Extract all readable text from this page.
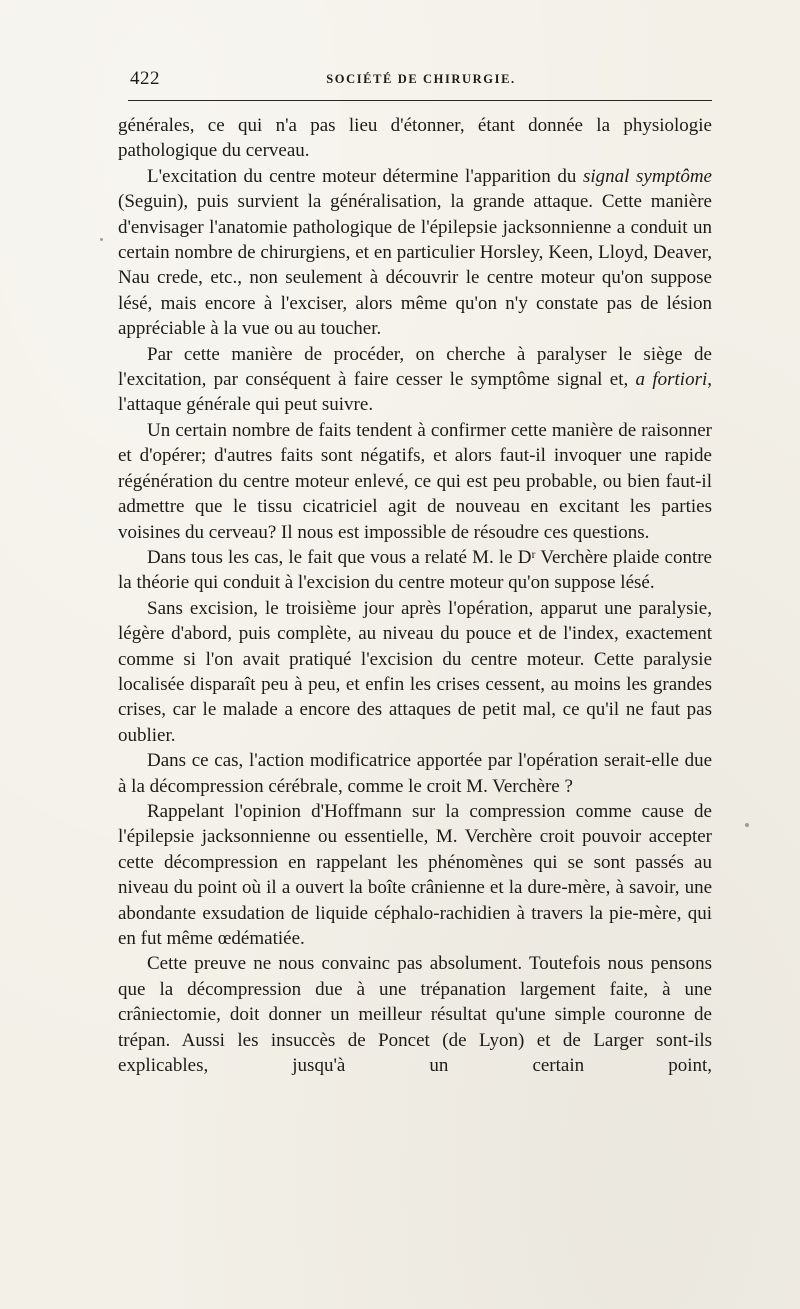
422	SOCIÉTÉ DE CHIRURGIE.

générales, ce qui n'a pas lieu d'étonner, étant donnée la physiologie pathologique du cerveau.

L'excitation du centre moteur détermine l'apparition du signal symptôme (Seguin), puis survient la généralisation, la grande attaque. Cette manière d'envisager l'anatomie pathologique de l'épilepsie jacksonnienne a conduit un certain nombre de chirurgiens, et en particulier Horsley, Keen, Lloyd, Deaver, Nau crede, etc., non seulement à découvrir le centre moteur qu'on suppose lésé, mais encore à l'exciser, alors même qu'on n'y constate pas de lésion appréciable à la vue ou au toucher.

Par cette manière de procéder, on cherche à paralyser le siège de l'excitation, par conséquent à faire cesser le symptôme signal et, a fortiori, l'attaque générale qui peut suivre.

Un certain nombre de faits tendent à confirmer cette manière de raisonner et d'opérer; d'autres faits sont négatifs, et alors faut-il invoquer une rapide régénération du centre moteur enlevé, ce qui est peu probable, ou bien faut-il admettre que le tissu cicatriciel agit de nouveau en excitant les parties voisines du cerveau? Il nous est impossible de résoudre ces questions.

Dans tous les cas, le fait que vous a relaté M. le Dʳ Verchère plaide contre la théorie qui conduit à l'excision du centre moteur qu'on suppose lésé.

Sans excision, le troisième jour après l'opération, apparut une paralysie, légère d'abord, puis complète, au niveau du pouce et de l'index, exactement comme si l'on avait pratiqué l'excision du centre moteur. Cette paralysie localisée disparaît peu à peu, et enfin les crises cessent, au moins les grandes crises, car le malade a encore des attaques de petit mal, ce qu'il ne faut pas oublier.

Dans ce cas, l'action modificatrice apportée par l'opération serait-elle due à la décompression cérébrale, comme le croit M. Verchère ?

Rappelant l'opinion d'Hoffmann sur la compression comme cause de l'épilepsie jacksonnienne ou essentielle, M. Verchère croit pouvoir accepter cette décompression en rappelant les phénomènes qui se sont passés au niveau du point où il a ouvert la boîte crânienne et la dure-mère, à savoir, une abondante exsudation de liquide céphalo-rachidien à travers la pie-mère, qui en fut même œdématiée.

Cette preuve ne nous convainc pas absolument. Toutefois nous pensons que la décompression due à une trépanation largement faite, à une crâniectomie, doit donner un meilleur résultat qu'une simple couronne de trépan. Aussi les insuccès de Poncet (de Lyon) et de Larger sont-ils explicables, jusqu'à un certain point,
